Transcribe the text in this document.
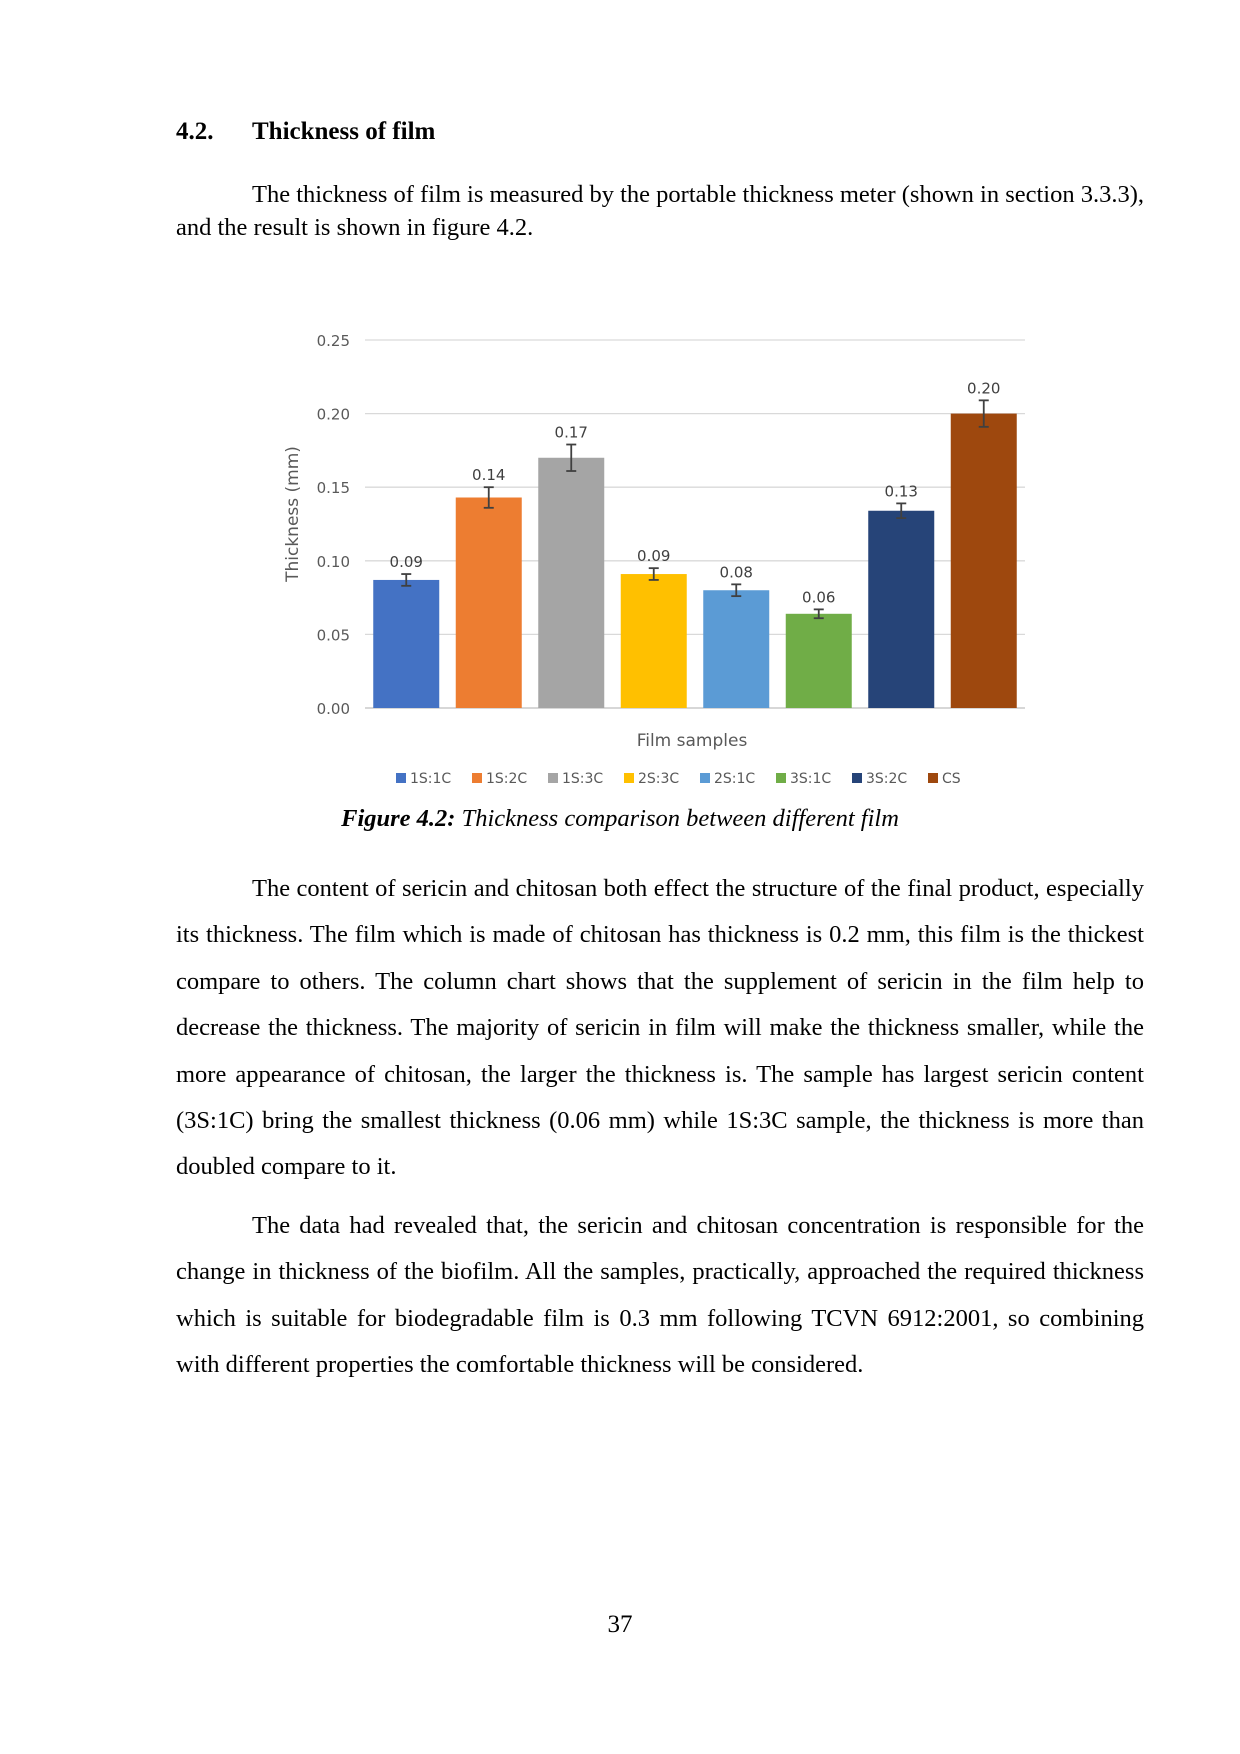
4.2. Thickness of film

The thickness of film is measured by the portable thickness meter (shown in section 3.3.3), and the result is shown in figure 4.2.

0.00
0.05
0.10
0.15
0.20
0.25
0.09
0.14
0.17
0.09
0.08
0.06
0.13
0.20
Thickness (mm)
Film samples
1S:1C 1S:2C 1S:3C 2S:3C 2S:1C 3S:1C 3S:2C CS
Figure 4.2: Thickness comparison between different film

The content of sericin and chitosan both effect the structure of the final product, especially its thickness. The film which is made of chitosan has thickness is 0.2 mm, this film is the thickest compare to others. The column chart shows that the supplement of sericin in the film help to decrease the thickness. The majority of sericin in film will make the thickness smaller, while the more appearance of chitosan, the larger the thickness is. The sample has largest sericin content (3S:1C) bring the smallest thickness (0.06 mm) while 1S:3C sample, the thickness is more than doubled compare to it.

The data had revealed that, the sericin and chitosan concentration is responsible for the change in thickness of the biofilm. All the samples, practically, approached the required thickness which is suitable for biodegradable film is 0.3 mm following TCVN 6912:2001, so combining with different properties the comfortable thickness will be considered.

37
